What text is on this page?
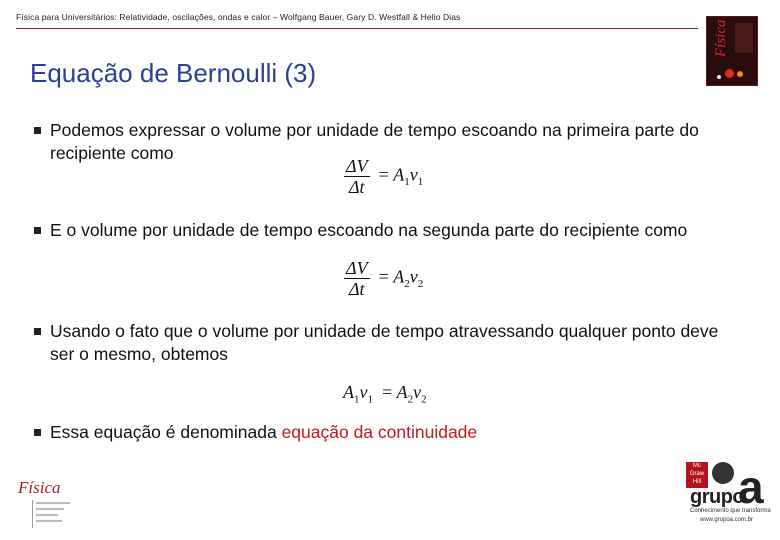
Física para Universitários: Relatividade, oscilações, ondas e calor – Wolfgang Bauer, Gary D. Westfall & Helio Dias
Física
Equação de Bernoulli (3)
Podemos expressar o volume por unidade de tempo escoando na primeira parte do recipiente como
$\frac{\Delta V}{\Delta t} = A_1v_1$
E o volume por unidade de tempo escoando na segunda parte do recipiente como
$\frac{\Delta V}{\Delta t} = A_2v_2$
Usando o fato que o volume por unidade de tempo atravessando qualquer ponto deve ser o mesmo, obtemos
$A_1v_1 = A_2v_2$
Essa equação é denominada equação da continuidade
Física
Mc Graw Hill a
grupo
Conhecimento que transforma
www.grupoa.com.br
